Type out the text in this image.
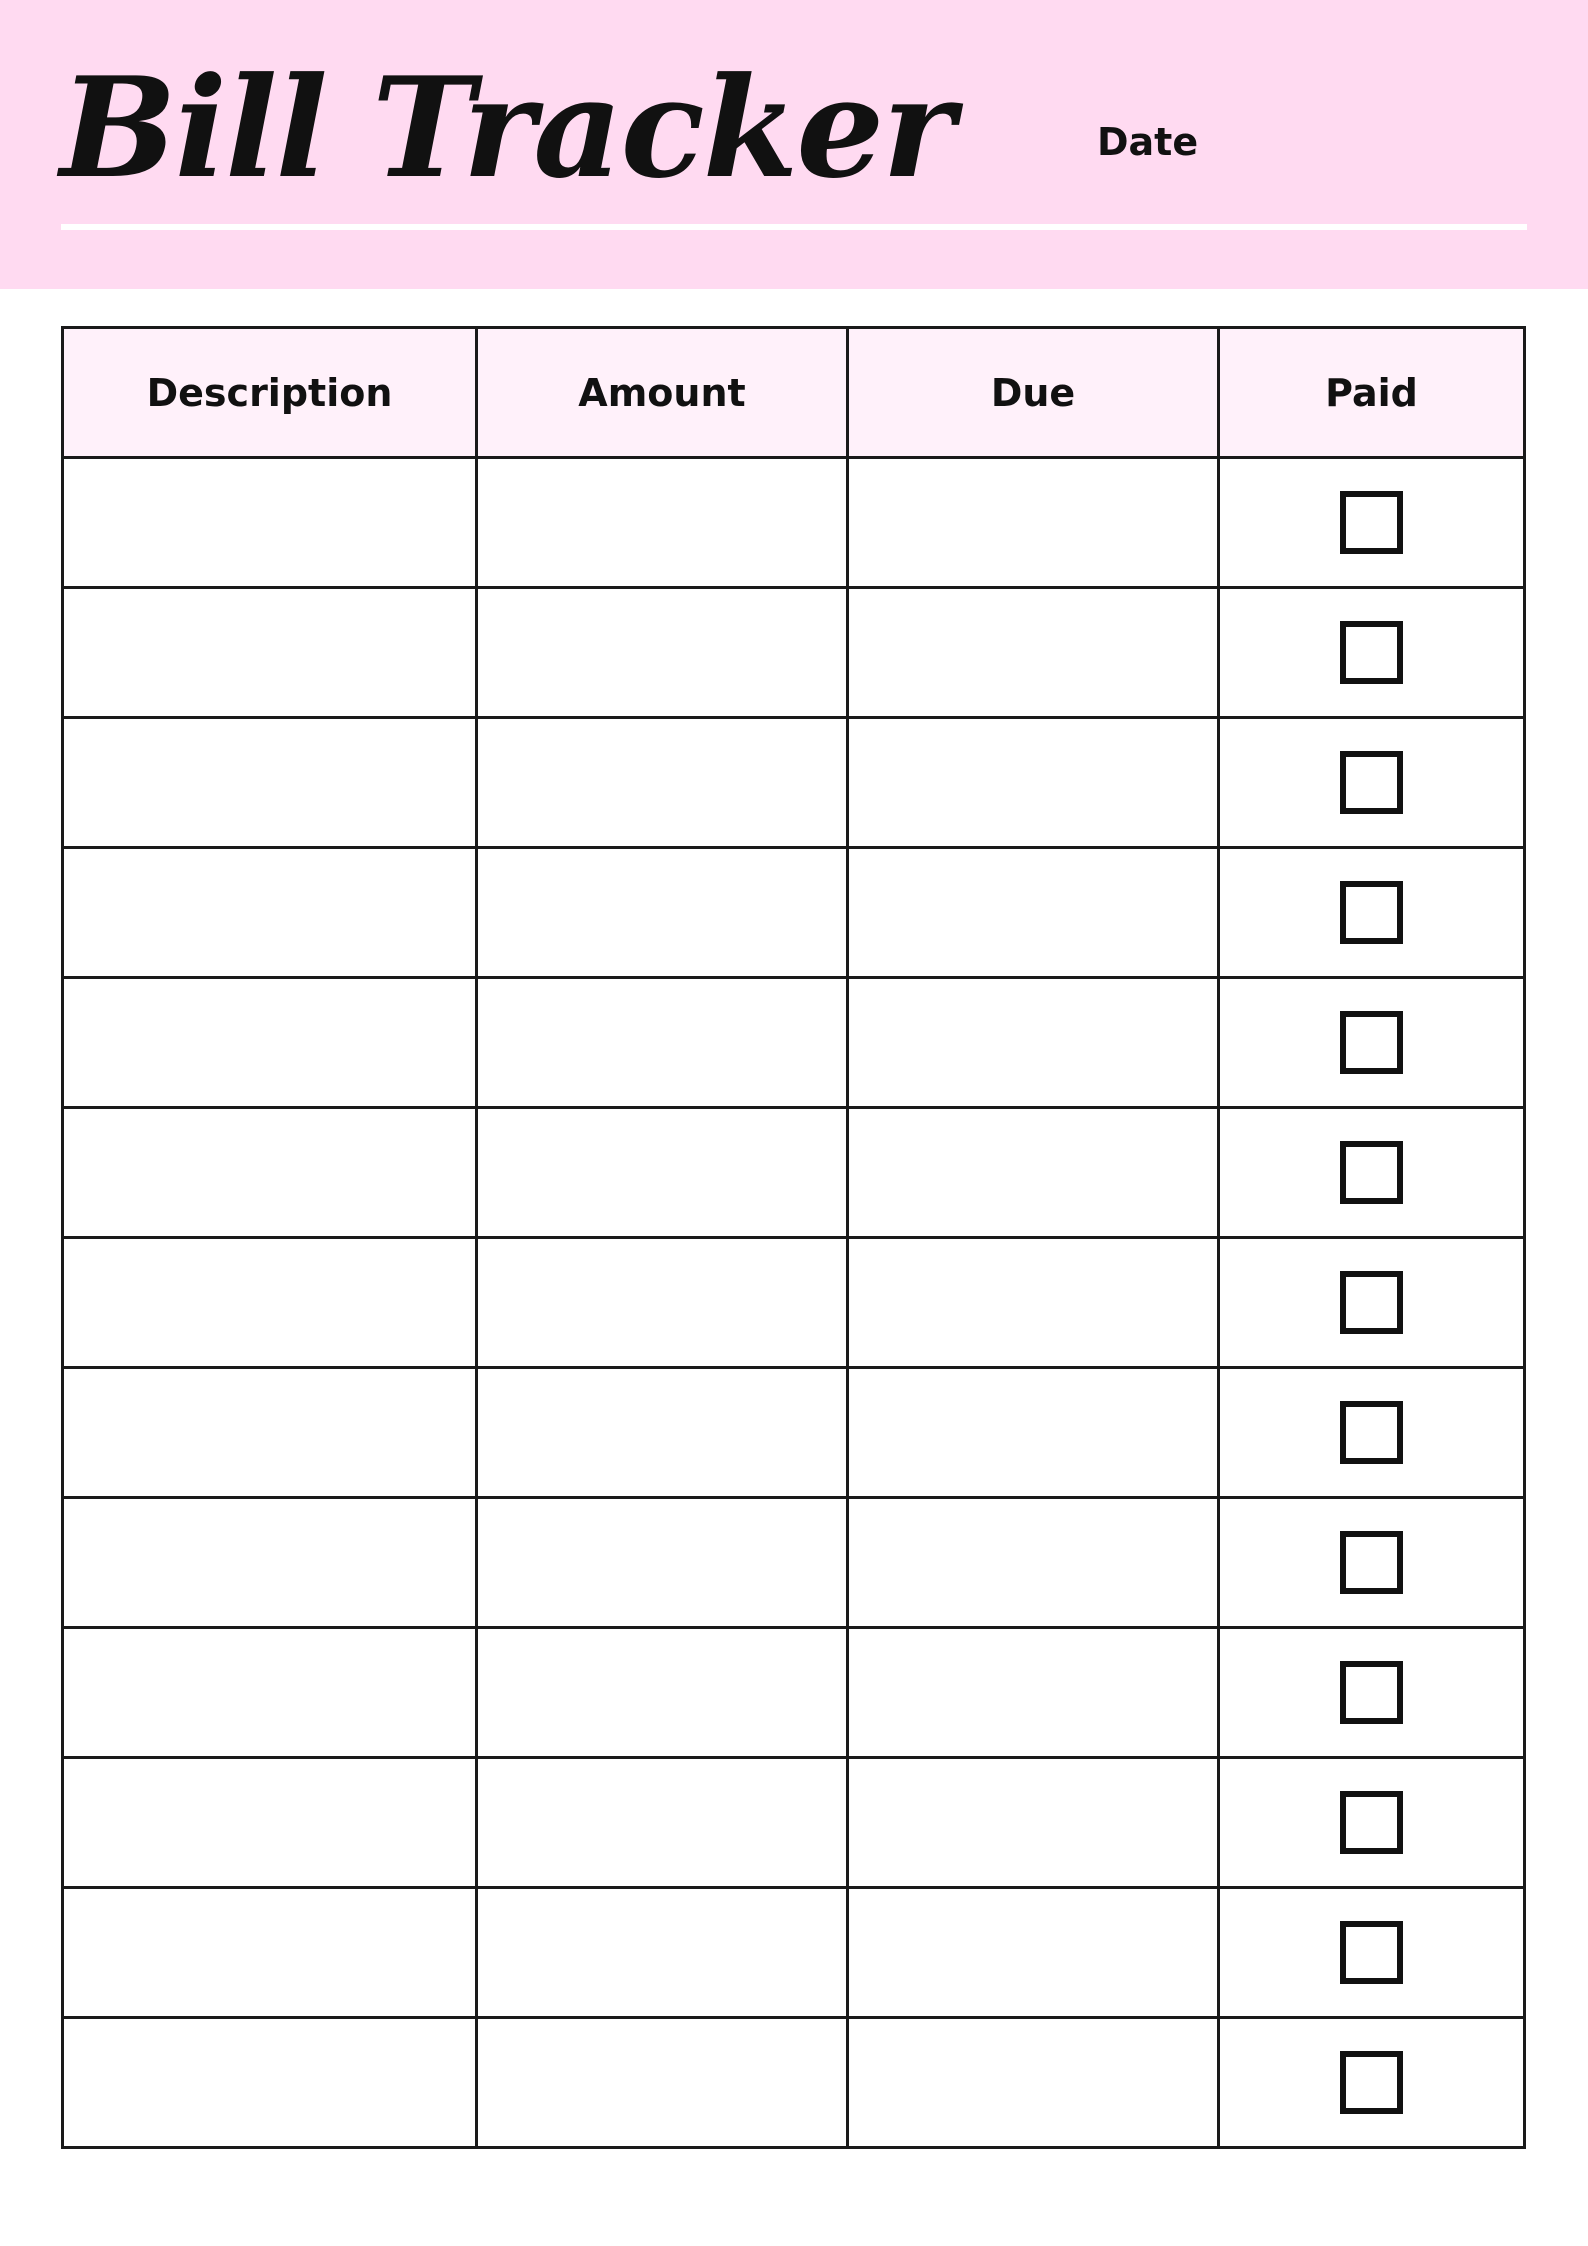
Bill Tracker	Date
Description	Amount	Due	Paid
